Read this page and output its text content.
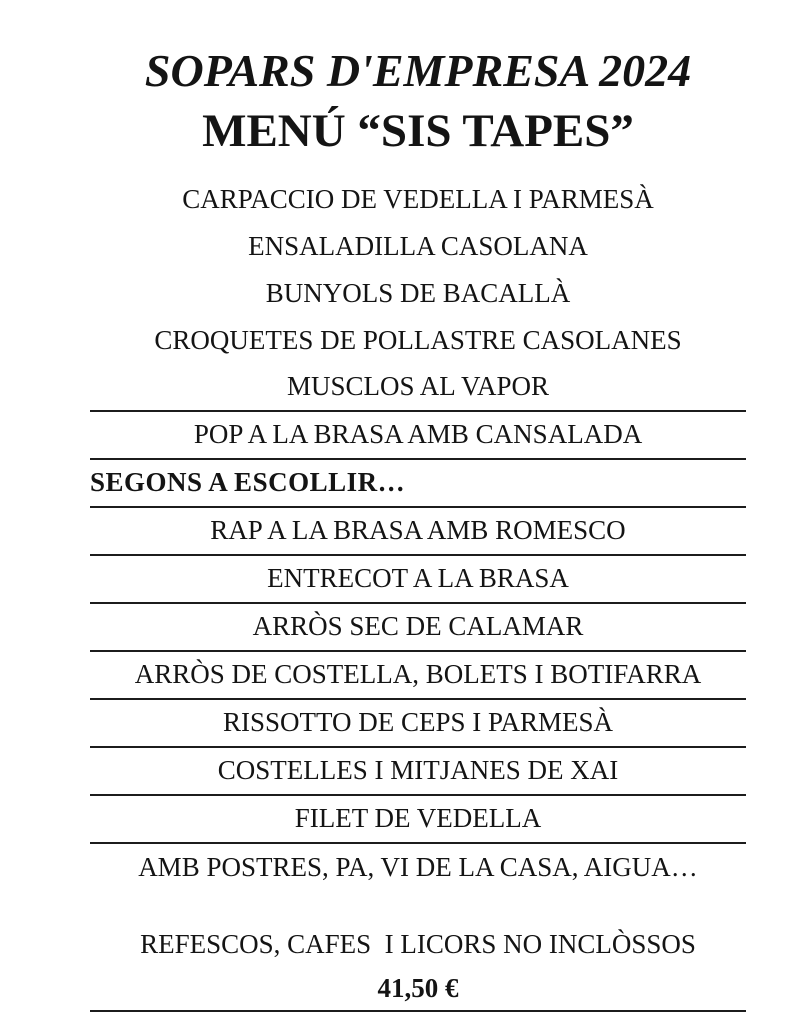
SOPARS D'EMPRESA 2024
MENÚ “SIS TAPES”
CARPACCIO DE VEDELLA I PARMESÀ
ENSALADILLA CASOLANA
BUNYOLS DE BACALLÀ
CROQUETES DE POLLASTRE CASOLANES
MUSCLOS AL VAPOR
POP A LA BRASA AMB CANSALADA
SEGONS A ESCOLLIR…
RAP A LA BRASA AMB ROMESCO
ENTRECOT A LA BRASA
ARRÒS SEC DE CALAMAR
ARRÒS DE COSTELLA, BOLETS I BOTIFARRA
RISSOTTO DE CEPS I PARMESÀ
COSTELLES I MITJANES DE XAI
FILET DE VEDELLA
AMB POSTRES, PA, VI DE LA CASA, AIGUA…
REFESCOS, CAFES  I LICORS NO INCLÒSSOS
41,50 €
